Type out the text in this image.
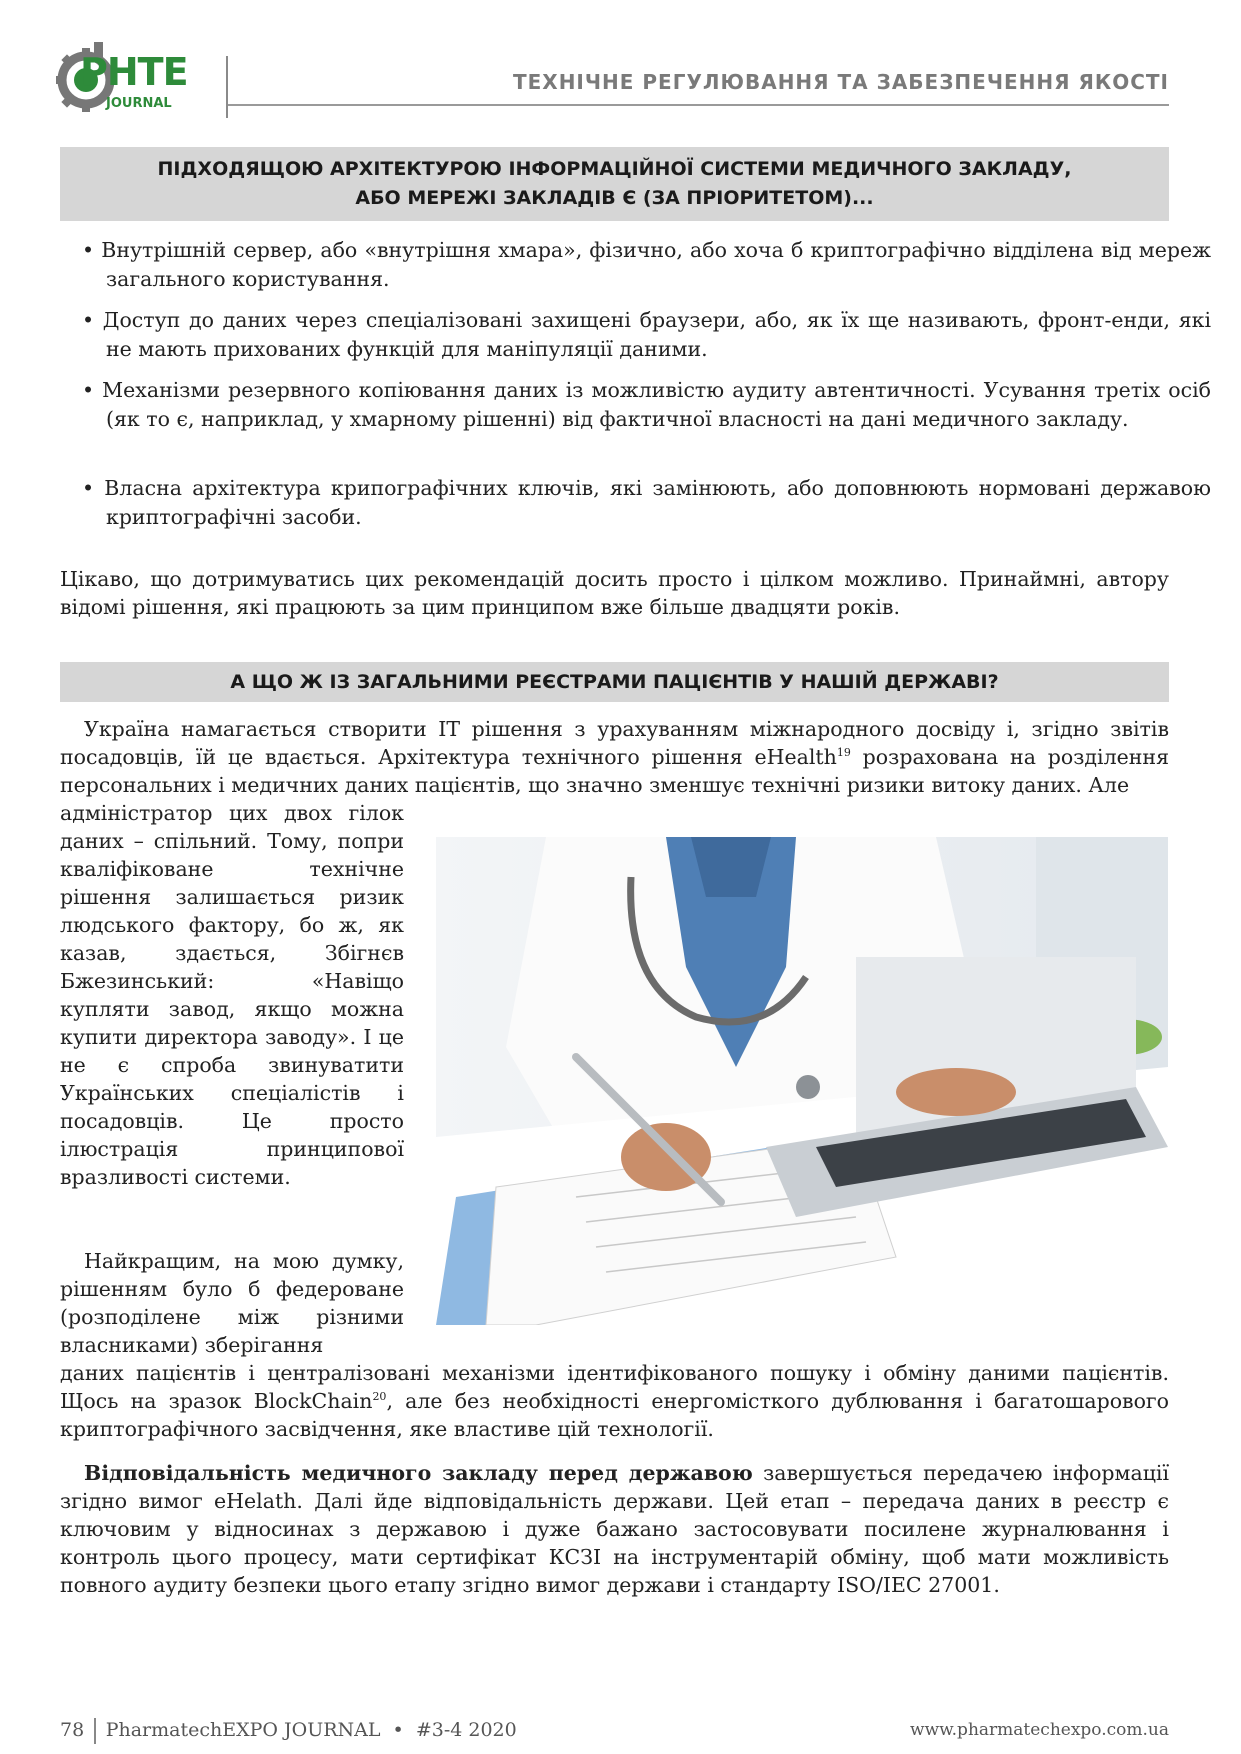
PHTE
JOURNAL
ТЕХНІЧНЕ РЕГУЛЮВАННЯ ТА ЗАБЕЗПЕЧЕННЯ ЯКОСТІ
ПІДХОДЯЩОЮ АРХІТЕКТУРОЮ ІНФОРМАЦІЙНОЇ СИСТЕМИ МЕДИЧНОГО ЗАКЛАДУ,
АБО МЕРЕЖІ ЗАКЛАДІВ Є (ЗА ПРІОРИТЕТОМ)...
• Внутрішній сервер, або «внутрішня хмара», фізично, або хоча б криптографічно відділена від мереж загального користування.
• Доступ до даних через спеціалізовані захищені браузери, або, як їх ще називають, фронт-енди, які не мають прихованих функцій для маніпуляції даними.
• Механізми резервного копіювання даних із можливістю аудиту автентичності. Усування третіх осіб (як то є, наприклад, у хмарному рішенні) від фактичної власності на дані медичного закладу.
• Власна архітектура крипографічних ключів, які замінюють, або доповнюють нормовані державою криптографічні засоби.
Цікаво, що дотримуватись цих рекомендацій досить просто і цілком можливо. Принаймні, автору відомі рішення, які працюють за цим принципом вже більше двадцяти років.
А ЩО Ж ІЗ ЗАГАЛЬНИМИ РЕЄСТРАМИ ПАЦІЄНТІВ У НАШІЙ ДЕРЖАВІ?
Україна намагається створити ІТ рішення з урахуванням міжнародного досвіду і, згідно звітів посадовців, їй це вдається. Архітектура технічного рішення eHealth$^{19}$ розрахована на розділення персональних і медичних даних пацієнтів, що значно зменшує технічні ризики витоку даних. Але
адміністратор цих двох гілок даних – спільний. Тому, попри кваліфіковане технічне рішення залишається ризик людського фактору, бо ж, як казав, здається, Збігнєв Бжезинський: «Навіщо купляти завод, якщо можна купити директора заводу». І це не є спроба звинуватити Українських спеціалістів і посадовців. Це просто ілюстрація принципової вразливості системи.
Найкращим, на мою думку, рішенням було б федероване (розподілене між різними власниками) зберігання
даних пацієнтів і централізовані механізми ідентифікованого пошуку і обміну даними пацієнтів. Щось на зразок BlockChain$^{20}$, але без необхідності енергомісткого дублювання і багатошарового криптографічного засвідчення, яке властиве цій технології.
Відповідальність медичного закладу перед державою завершується передачею інформації згідно вимог eHelath. Далі йде відповідальність держави. Цей етап – передача даних в реєстр є ключовим у відносинах з державою і дуже бажано застосовувати посилене журналювання і контроль цього процесу, мати сертифікат КСЗІ на інструментарій обміну, щоб мати можливість повного аудиту безпеки цього етапу згідно вимог держави і стандарту ISO/IEC 27001.
78 PharmatechEXPO JOURNAL • #3-4 2020	www.pharmatechexpo.com.ua
